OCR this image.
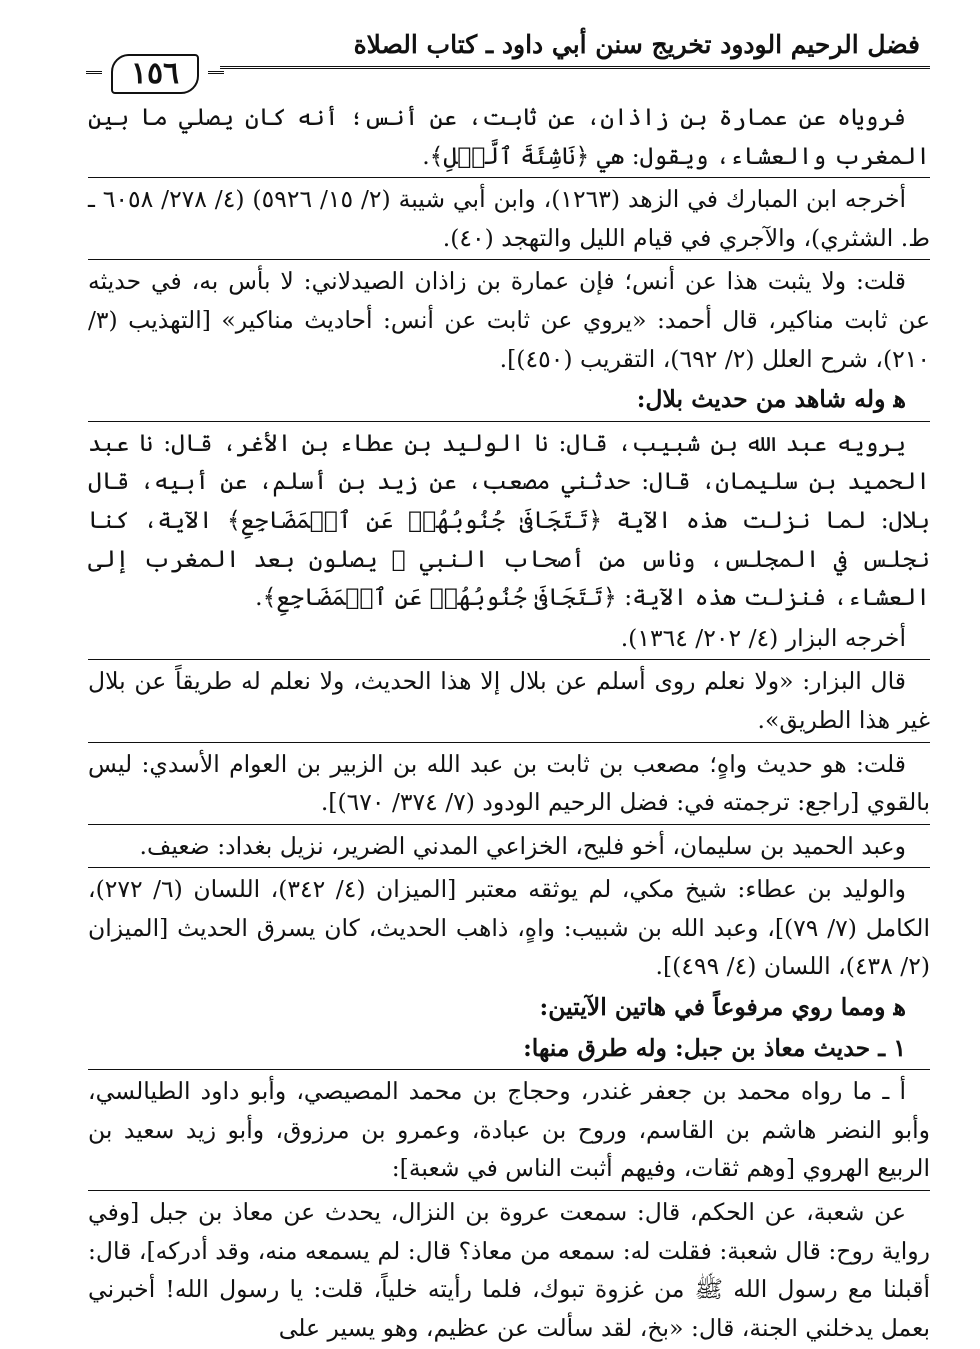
فضل الرحيم الودود تخريج سنن أبي داود ـ كتاب الصلاة
١٥٦

فروياه عن عمارة بن زاذان، عن ثابت، عن أنس؛ أنه كان يصلي ما بين المغرب والعشاء، ويقول: هي ﴿نَاشِئَةَ ٱلَّيۡلِ﴾.

أخرجه ابن المبارك في الزهد (١٢٦٣)، وابن أبي شيبة (٢/ ١٥/ ٥٩٢٦) (٤/ ٢٧٨/ ٦٠٥٨ ـ ط. الشثري)، والآجري في قيام الليل والتهجد (٤٠).

قلت: ولا يثبت هذا عن أنس؛ فإن عمارة بن زاذان الصيدلاني: لا بأس به، في حديثه عن ثابت مناكير، قال أحمد: «يروي عن ثابت عن أنس: أحاديث مناكير» [التهذيب (٣/ ٢١٠)، شرح العلل (٢/ ٦٩٢)، التقريب (٤٥٠)].

ﻫ وله شاهد من حديث بلال:

يرويه عبد الله بن شبيب، قال: نا الوليد بن عطاء بن الأغر، قال: نا عبد الحميد بن سليمان، قال: حدثني مصعب، عن زيد بن أسلم، عن أبيه، قال بلال: لما نزلت هذه الآية ﴿تَتَجَافَىٰ جُنُوبُهُمۡ عَنِ ٱلۡمَضَاجِعِ﴾ الآية، كنا نجلس في المجلس، وناس من أصحاب النبي ﷺ يصلون بعد المغرب إلى العشاء، فنزلت هذه الآية: ﴿تَتَجَافَىٰ جُنُوبُهُمۡ عَنِ ٱلۡمَضَاجِعِ﴾.

أخرجه البزار (٤/ ٢٠٢/ ١٣٦٤).

قال البزار: «ولا نعلم روى أسلم عن بلال إلا هذا الحديث، ولا نعلم له طريقاً عن بلال غير هذا الطريق».

قلت: هو حديث واهٍ؛ مصعب بن ثابت بن عبد الله بن الزبير بن العوام الأسدي: ليس بالقوي [راجع: ترجمته في: فضل الرحيم الودود (٧/ ٣٧٤/ ٦٧٠)].

وعبد الحميد بن سليمان، أخو فليح، الخزاعي المدني الضرير، نزيل بغداد: ضعيف.

والوليد بن عطاء: شيخ مكي، لم يوثقه معتبر [الميزان (٤/ ٣٤٢)، اللسان (٦/ ٢٧٢)، الكامل (٧/ ٧٩)]، وعبد الله بن شبيب: واهٍ، ذاهب الحديث، كان يسرق الحديث [الميزان (٢/ ٤٣٨)، اللسان (٤/ ٤٩٩)].

ﻫ ومما روي مرفوعاً في هاتين الآيتين:

١ ـ حديث معاذ بن جبل: وله طرق منها:

أ ـ ما رواه محمد بن جعفر غندر، وحجاج بن محمد المصيصي، وأبو داود الطيالسي، وأبو النضر هاشم بن القاسم، وروح بن عبادة، وعمرو بن مرزوق، وأبو زيد سعيد بن الربيع الهروي [وهم ثقات، وفيهم أثبت الناس في شعبة]:

عن شعبة، عن الحكم، قال: سمعت عروة بن النزال، يحدث عن معاذ بن جبل [وفي رواية روح: قال شعبة: فقلت له: سمعه من معاذ؟ قال: لم يسمعه منه، وقد أدركه]، قال: أقبلنا مع رسول الله ﷺ من غزوة تبوك، فلما رأيته خلياً، قلت: يا رسول الله! أخبرني بعمل يدخلني الجنة، قال: «بخ، لقد سألت عن عظيم، وهو يسير على
